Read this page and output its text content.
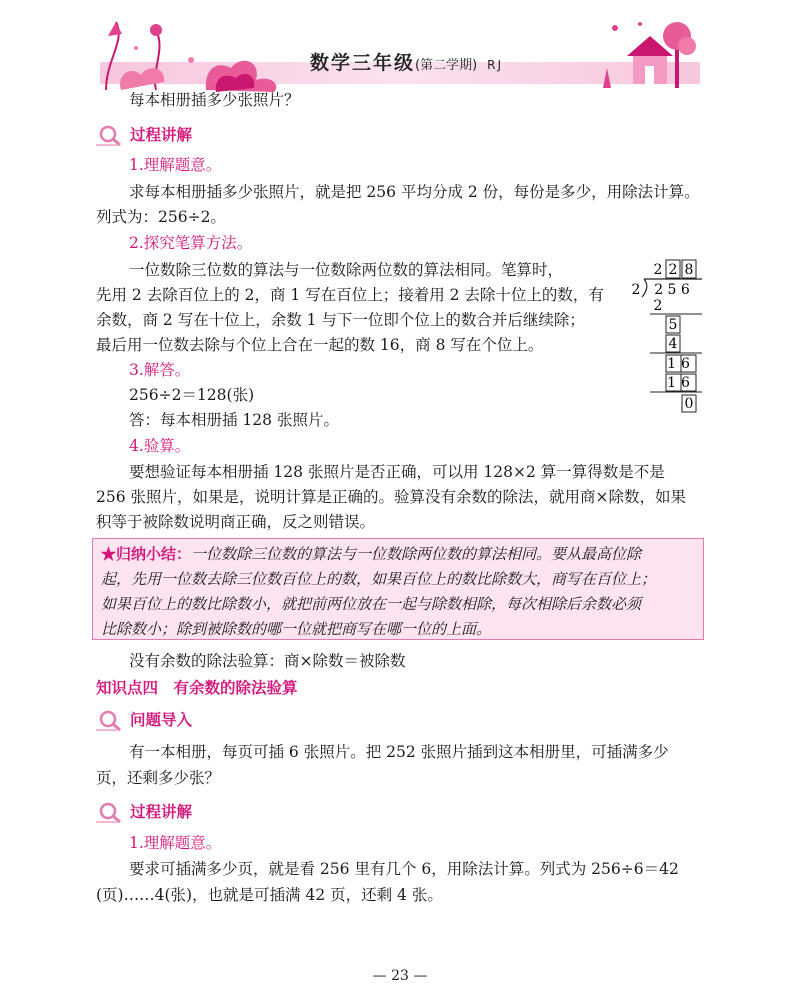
数学三年级(第二学期) RJ
每本相册插多少张照片？
过程讲解
1.理解题意。
求每本相册插多少张照片，就是把 256 平均分成 2 份，每份是多少，用除法计算。
列式为：256÷2。
2.探究笔算方法。
一位数除三位数的算法与一位数除两位数的算法相同。笔算时，
先用 2 去除百位上的 2，商 1 写在百位上；接着用 2 去除十位上的数，有
余数，商 2 写在十位上，余数 1 与下一位即个位上的数合并后继续除；
最后用一位数去除与个位上合在一起的数 16，商 8 写在个位上。
3.解答。
256÷2＝128(张)
答：每本相册插 128 张照片。
4.验算。
要想验证每本相册插 128 张照片是否正确，可以用 128×2 算一算得数是不是
256 张照片，如果是，说明计算是正确的。验算没有余数的除法，就用商×除数，如果
积等于被除数说明商正确，反之则错误。
2 2 8
2 2 5 6
2
5
4
16
16
0
★归纳小结：一位数除三位数的算法与一位数除两位数的算法相同。要从最高位除
起，先用一位数去除三位数百位上的数，如果百位上的数比除数大，商写在百位上；
如果百位上的数比除数小，就把前两位放在一起与除数相除，每次相除后余数必须
比除数小；除到被除数的哪一位就把商写在哪一位的上面。
没有余数的除法验算：商×除数＝被除数
知识点四　有余数的除法验算
问题导入
有一本相册，每页可插 6 张照片。把 252 张照片插到这本相册里，可插满多少
页，还剩多少张？
过程讲解
1.理解题意。
要求可插满多少页，就是看 256 里有几个 6，用除法计算。列式为 256÷6＝42
(页)……4(张)，也就是可插满 42 页，还剩 4 张。
— 23 —
